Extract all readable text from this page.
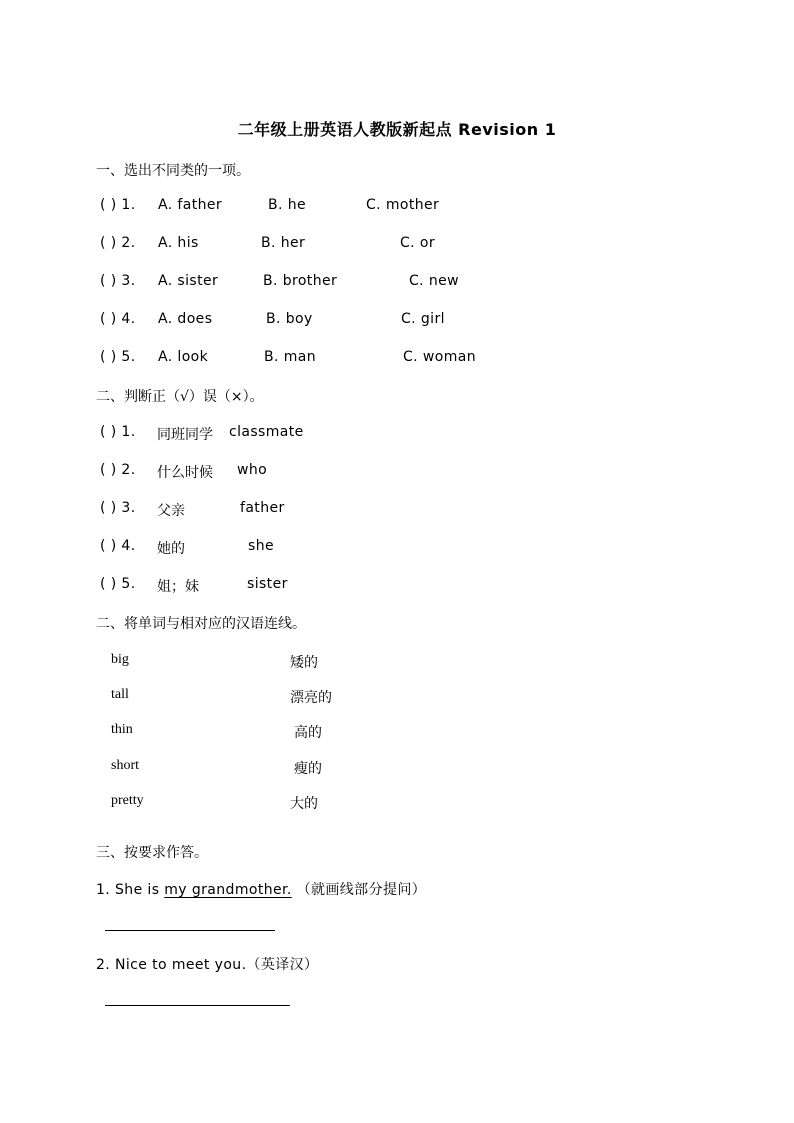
二年级上册英语人教版新起点 Revision 1
一、选出不同类的一项。
( ) 1. A. father	B. he	C. mother
( ) 2. A. his	B. her	C. or
( ) 3. A. sister	B. brother	C. new
( ) 4. A. does	B. boy	C. girl
( ) 5. A. look	B. man	C. woman
二、判断正（√）误（×）。
( ) 1. 同班同学 classmate
( ) 2. 什么时候 who
( ) 3. 父亲	father
( ) 4. 她的	she
( ) 5. 姐；妹	sister
二、将单词与相对应的汉语连线。
big	矮的
tall	漂亮的
thin	高的
short	瘦的
pretty	大的
三、按要求作答。
1. She is my grandmother. （就画线部分提问）
2. Nice to meet you.（英译汉）
